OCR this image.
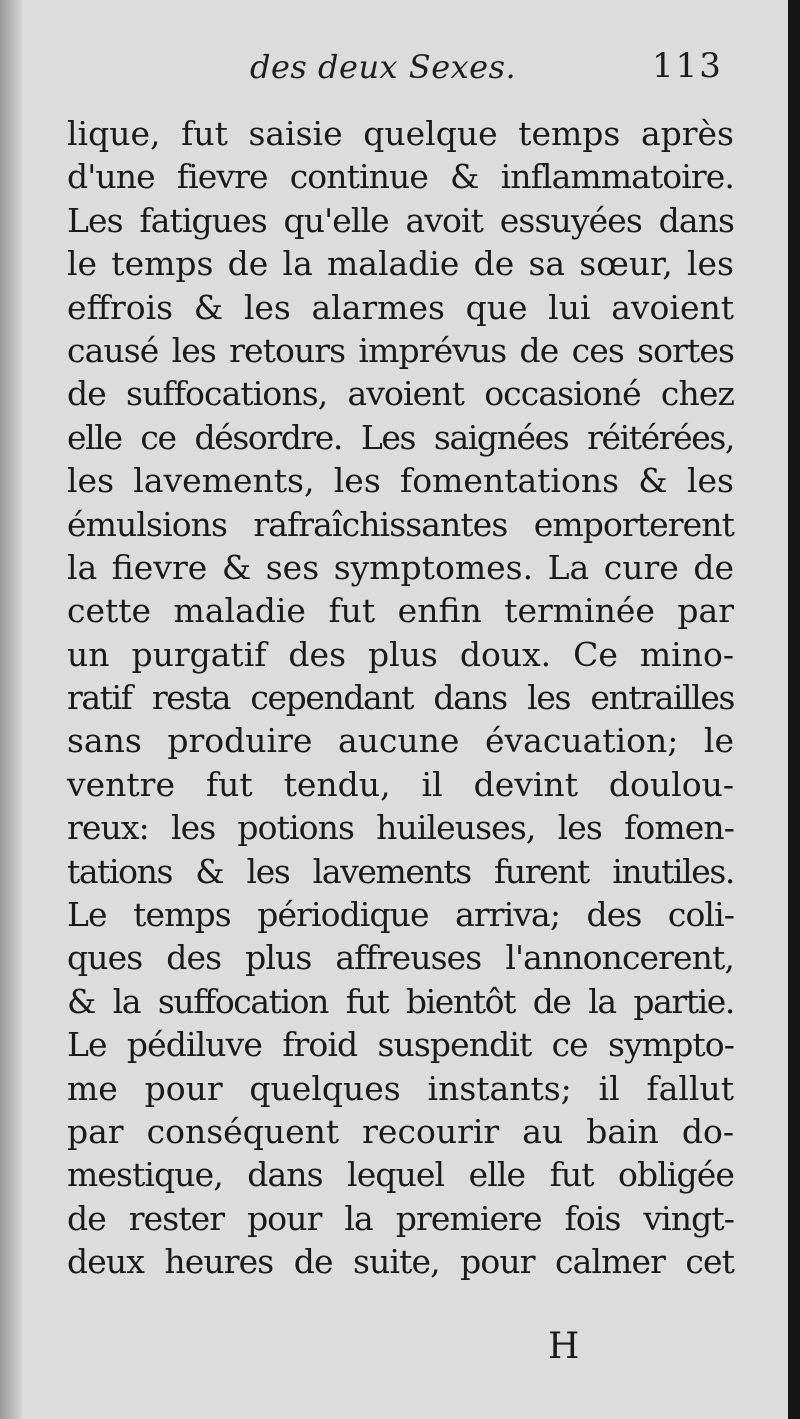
des deux Sexes.	113
lique, fut saisie quelque temps après
d'une fievre continue & inflammatoire.
Les fatigues qu'elle avoit essuyées dans
le temps de la maladie de sa sœur, les
effrois & les alarmes que lui avoient
causé les retours imprévus de ces sortes
de suffocations, avoient occasioné chez
elle ce désordre. Les saignées réitérées,
les lavements, les fomentations & les
émulsions rafraîchissantes emporterent
la fievre & ses symptomes. La cure de
cette maladie fut enfin terminée par
un purgatif des plus doux. Ce mino-
ratif resta cependant dans les entrailles
sans produire aucune évacuation; le
ventre fut tendu, il devint doulou-
reux: les potions huileuses, les fomen-
tations & les lavements furent inutiles.
Le temps périodique arriva; des coli-
ques des plus affreuses l'annoncerent,
& la suffocation fut bientôt de la partie.
Le pédiluve froid suspendit ce sympto-
me pour quelques instants; il fallut
par conséquent recourir au bain do-
mestique, dans lequel elle fut obligée
de rester pour la premiere fois vingt-
deux heures de suite, pour calmer cet
H
